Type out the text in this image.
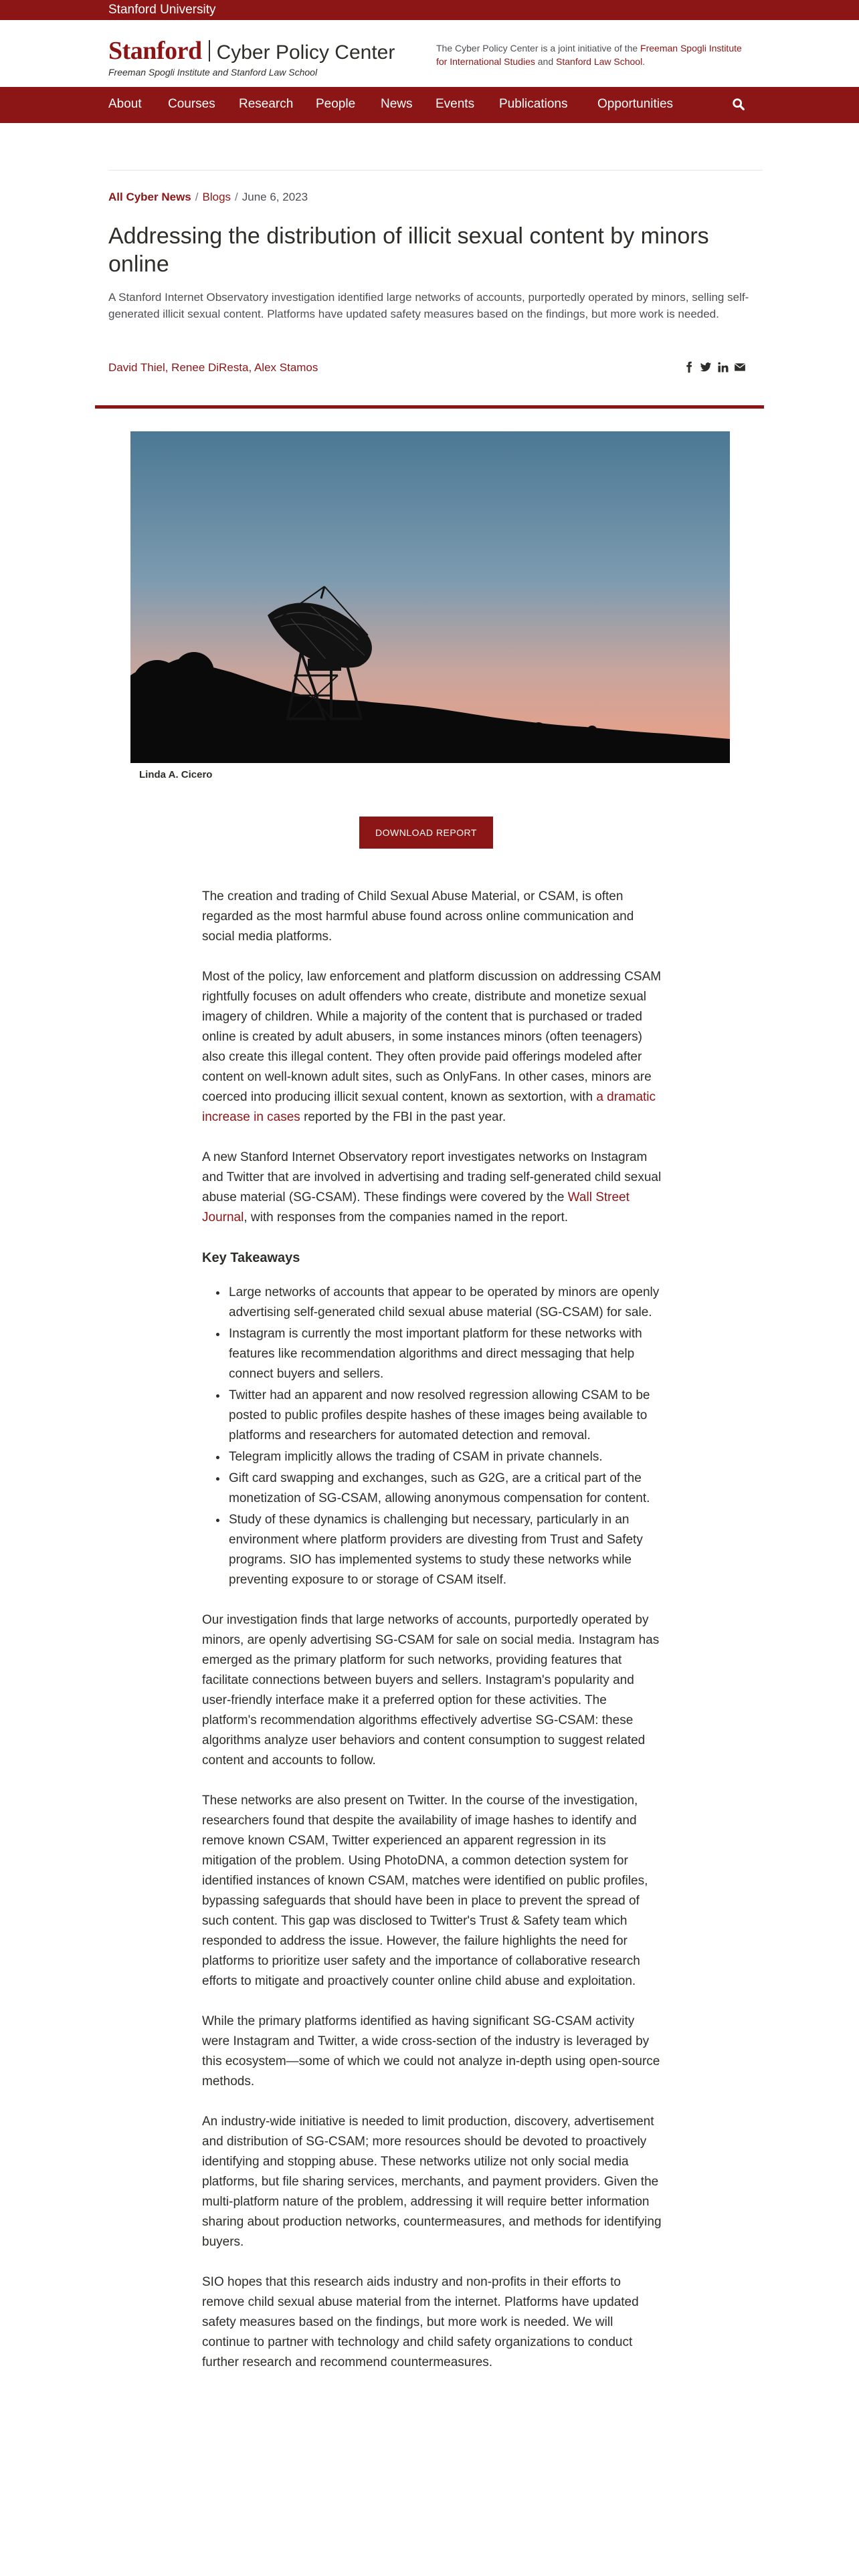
Stanford University
Stanford Cyber Policy Center
Freeman Spogli Institute and Stanford Law School
The Cyber Policy Center is a joint initiative of the Freeman Spogli Institute for International Studies and Stanford Law School.
About Courses Research People News Events Publications Opportunities
All Cyber News / Blogs / June 6, 2023
Addressing the distribution of illicit sexual content by minors online

A Stanford Internet Observatory investigation identified large networks of accounts, purportedly operated by minors, selling self-generated illicit sexual content. Platforms have updated safety measures based on the findings, but more work is needed.

David Thiel, Renee DiResta, Alex Stamos

Linda A. Cicero
DOWNLOAD REPORT

The creation and trading of Child Sexual Abuse Material, or CSAM, is often regarded as the most harmful abuse found across online communication and social media platforms.

Most of the policy, law enforcement and platform discussion on addressing CSAM rightfully focuses on adult offenders who create, distribute and monetize sexual imagery of children. While a majority of the content that is purchased or traded online is created by adult abusers, in some instances minors (often teenagers) also create this illegal content. They often provide paid offerings modeled after content on well-known adult sites, such as OnlyFans. In other cases, minors are coerced into producing illicit sexual content, known as sextortion, with a dramatic increase in cases reported by the FBI in the past year.

A new Stanford Internet Observatory report investigates networks on Instagram and Twitter that are involved in advertising and trading self-generated child sexual abuse material (SG-CSAM). These findings were covered by the Wall Street Journal, with responses from the companies named in the report.

Key Takeaways
• Large networks of accounts that appear to be operated by minors are openly advertising self-generated child sexual abuse material (SG-CSAM) for sale.
• Instagram is currently the most important platform for these networks with features like recommendation algorithms and direct messaging that help connect buyers and sellers.
• Twitter had an apparent and now resolved regression allowing CSAM to be posted to public profiles despite hashes of these images being available to platforms and researchers for automated detection and removal.
• Telegram implicitly allows the trading of CSAM in private channels.
• Gift card swapping and exchanges, such as G2G, are a critical part of the monetization of SG-CSAM, allowing anonymous compensation for content.
• Study of these dynamics is challenging but necessary, particularly in an environment where platform providers are divesting from Trust and Safety programs. SIO has implemented systems to study these networks while preventing exposure to or storage of CSAM itself.

Our investigation finds that large networks of accounts, purportedly operated by minors, are openly advertising SG-CSAM for sale on social media. Instagram has emerged as the primary platform for such networks, providing features that facilitate connections between buyers and sellers. Instagram's popularity and user-friendly interface make it a preferred option for these activities. The platform's recommendation algorithms effectively advertise SG-CSAM: these algorithms analyze user behaviors and content consumption to suggest related content and accounts to follow.

These networks are also present on Twitter. In the course of the investigation, researchers found that despite the availability of image hashes to identify and remove known CSAM, Twitter experienced an apparent regression in its mitigation of the problem. Using PhotoDNA, a common detection system for identified instances of known CSAM, matches were identified on public profiles, bypassing safeguards that should have been in place to prevent the spread of such content. This gap was disclosed to Twitter's Trust & Safety team which responded to address the issue. However, the failure highlights the need for platforms to prioritize user safety and the importance of collaborative research efforts to mitigate and proactively counter online child abuse and exploitation.

While the primary platforms identified as having significant SG-CSAM activity were Instagram and Twitter, a wide cross-section of the industry is leveraged by this ecosystem—some of which we could not analyze in-depth using open-source methods.

An industry-wide initiative is needed to limit production, discovery, advertisement and distribution of SG-CSAM; more resources should be devoted to proactively identifying and stopping abuse. These networks utilize not only social media platforms, but file sharing services, merchants, and payment providers. Given the multi-platform nature of the problem, addressing it will require better information sharing about production networks, countermeasures, and methods for identifying buyers.

SIO hopes that this research aids industry and non-profits in their efforts to remove child sexual abuse material from the internet. Platforms have updated safety measures based on the findings, but more work is needed. We will continue to partner with technology and child safety organizations to conduct further research and recommend countermeasures.
